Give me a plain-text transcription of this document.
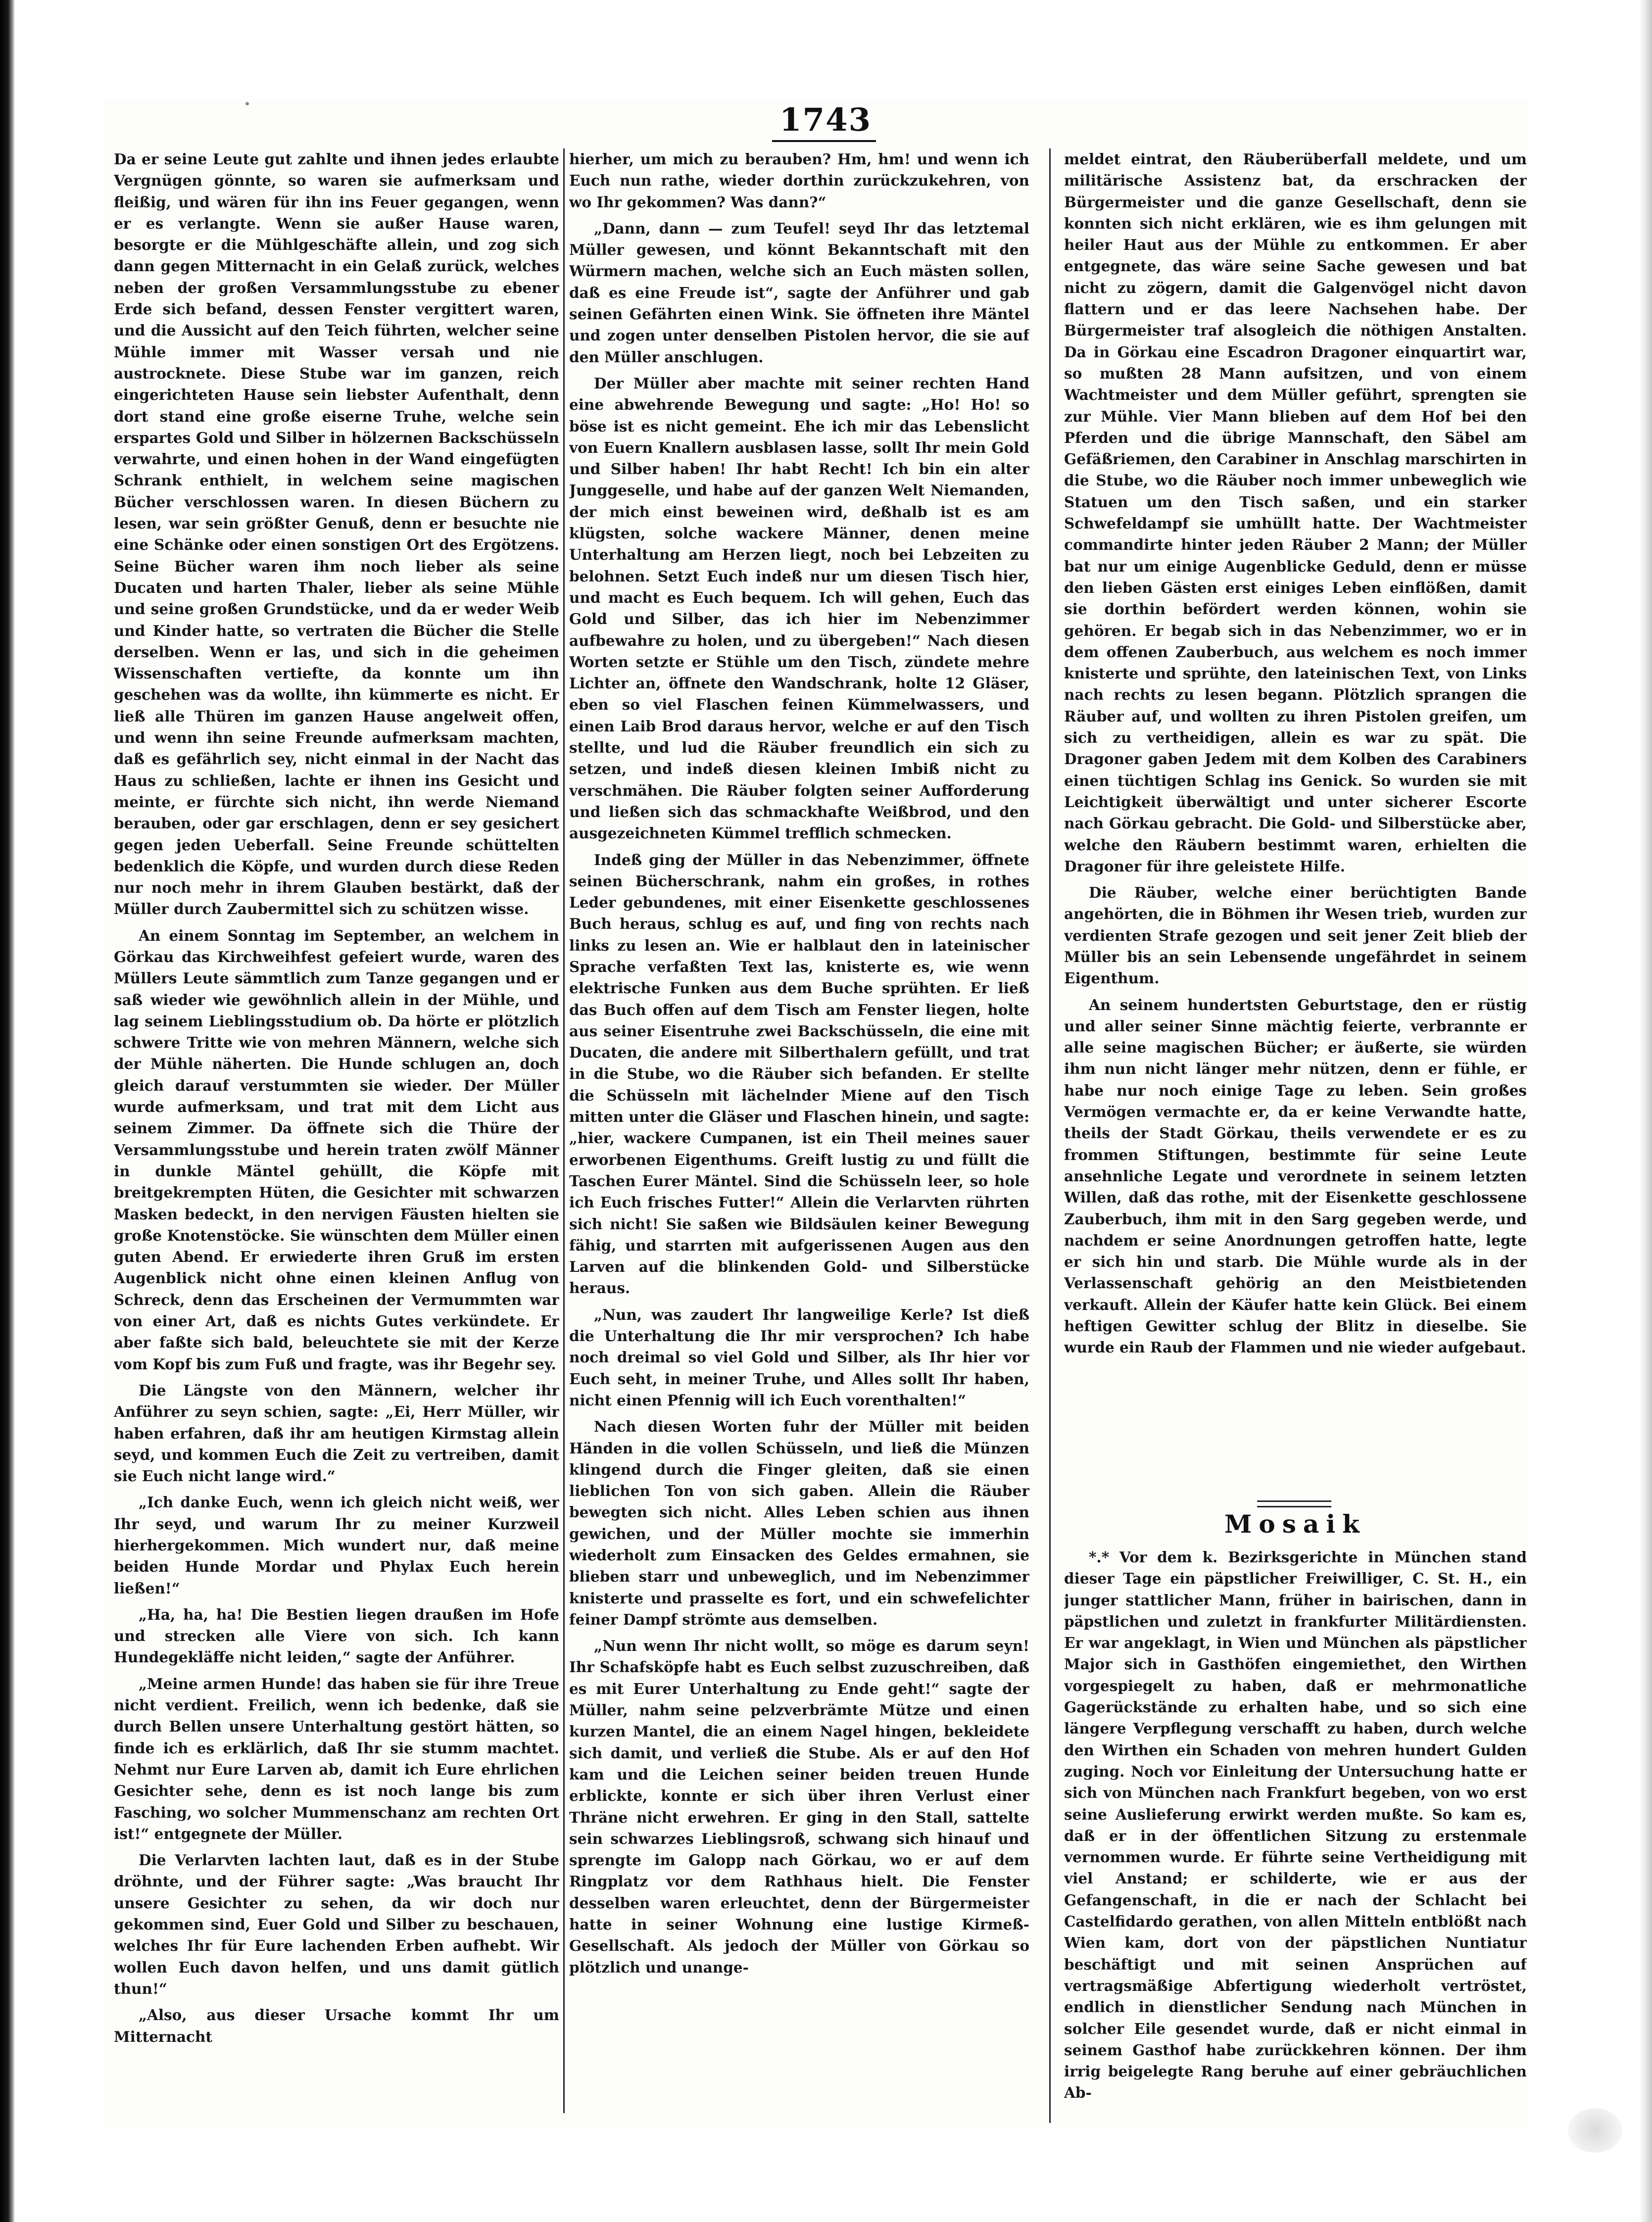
1743

Da er seine Leute gut zahlte und ihnen jedes erlaubte Vergnügen gönnte, so waren sie aufmerksam und fleißig, und wären für ihn ins Feuer gegangen, wenn er es verlangte. Wenn sie außer Hause waren, besorgte er die Mühlgeschäfte allein, und zog sich dann gegen Mitternacht in ein Gelaß zurück, welches neben der großen Versammlungsstube zu ebener Erde sich befand, dessen Fenster vergittert waren, und die Aussicht auf den Teich führten, welcher seine Mühle immer mit Wasser versah und nie austrocknete. Diese Stube war im ganzen, reich eingerichteten Hause sein liebster Aufenthalt, denn dort stand eine große eiserne Truhe, welche sein erspartes Gold und Silber in hölzernen Backschüsseln verwahrte, und einen hohen in der Wand eingefügten Schrank enthielt, in welchem seine magischen Bücher verschlossen waren. In diesen Büchern zu lesen, war sein größter Genuß, denn er besuchte nie eine Schänke oder einen sonstigen Ort des Ergötzens. Seine Bücher waren ihm noch lieber als seine Ducaten und harten Thaler, lieber als seine Mühle und seine großen Grundstücke, und da er weder Weib und Kinder hatte, so vertraten die Bücher die Stelle derselben. Wenn er las, und sich in die geheimen Wissenschaften vertiefte, da konnte um ihn geschehen was da wollte, ihn kümmerte es nicht. Er ließ alle Thüren im ganzen Hause angelweit offen, und wenn ihn seine Freunde aufmerksam machten, daß es gefährlich sey, nicht einmal in der Nacht das Haus zu schließen, lachte er ihnen ins Gesicht und meinte, er fürchte sich nicht, ihn werde Niemand berauben, oder gar erschlagen, denn er sey gesichert gegen jeden Ueberfall. Seine Freunde schüttelten bedenklich die Köpfe, und wurden durch diese Reden nur noch mehr in ihrem Glauben bestärkt, daß der Müller durch Zaubermittel sich zu schützen wisse.

An einem Sonntag im September, an welchem in Görkau das Kirchweihfest gefeiert wurde, waren des Müllers Leute sämmtlich zum Tanze gegangen und er saß wieder wie gewöhnlich allein in der Mühle, und lag seinem Lieblingsstudium ob. Da hörte er plötzlich schwere Tritte wie von mehren Männern, welche sich der Mühle näherten. Die Hunde schlugen an, doch gleich darauf verstummten sie wieder. Der Müller wurde aufmerksam, und trat mit dem Licht aus seinem Zimmer. Da öffnete sich die Thüre der Versammlungsstube und herein traten zwölf Männer in dunkle Mäntel gehüllt, die Köpfe mit breitgekrempten Hüten, die Gesichter mit schwarzen Masken bedeckt, in den nervigen Fäusten hielten sie große Knotenstöcke. Sie wünschten dem Müller einen guten Abend. Er erwiederte ihren Gruß im ersten Augenblick nicht ohne einen kleinen Anflug von Schreck, denn das Erscheinen der Vermummten war von einer Art, daß es nichts Gutes verkündete. Er aber faßte sich bald, beleuchtete sie mit der Kerze vom Kopf bis zum Fuß und fragte, was ihr Begehr sey.

Die Längste von den Männern, welcher ihr Anführer zu seyn schien, sagte: „Ei, Herr Müller, wir haben erfahren, daß ihr am heutigen Kirmstag allein seyd, und kommen Euch die Zeit zu vertreiben, damit sie Euch nicht lange wird.“

„Ich danke Euch, wenn ich gleich nicht weiß, wer Ihr seyd, und warum Ihr zu meiner Kurzweil hierhergekommen. Mich wundert nur, daß meine beiden Hunde Mordar und Phylax Euch herein ließen!“

„Ha, ha, ha! Die Bestien liegen draußen im Hofe und strecken alle Viere von sich. Ich kann Hundegekläffe nicht leiden,“ sagte der Anführer.

„Meine armen Hunde! das haben sie für ihre Treue nicht verdient. Freilich, wenn ich bedenke, daß sie durch Bellen unsere Unterhaltung gestört hätten, so finde ich es erklärlich, daß Ihr sie stumm machtet. Nehmt nur Eure Larven ab, damit ich Eure ehrlichen Gesichter sehe, denn es ist noch lange bis zum Fasching, wo solcher Mummenschanz am rechten Ort ist!“ entgegnete der Müller.

Die Verlarvten lachten laut, daß es in der Stube dröhnte, und der Führer sagte: „Was braucht Ihr unsere Gesichter zu sehen, da wir doch nur gekommen sind, Euer Gold und Silber zu beschauen, welches Ihr für Eure lachenden Erben aufhebt. Wir wollen Euch davon helfen, und uns damit gütlich thun!“

„Also, aus dieser Ursache kommt Ihr um Mitternacht

hierher, um mich zu berauben? Hm, hm! und wenn ich Euch nun rathe, wieder dorthin zurückzukehren, von wo Ihr gekommen? Was dann?“

„Dann, dann — zum Teufel! seyd Ihr das letztemal Müller gewesen, und könnt Bekanntschaft mit den Würmern machen, welche sich an Euch mästen sollen, daß es eine Freude ist“, sagte der Anführer und gab seinen Gefährten einen Wink. Sie öffneten ihre Mäntel und zogen unter denselben Pistolen hervor, die sie auf den Müller anschlugen.

Der Müller aber machte mit seiner rechten Hand eine abwehrende Bewegung und sagte: „Ho! Ho! so böse ist es nicht gemeint. Ehe ich mir das Lebenslicht von Euern Knallern ausblasen lasse, sollt Ihr mein Gold und Silber haben! Ihr habt Recht! Ich bin ein alter Junggeselle, und habe auf der ganzen Welt Niemanden, der mich einst beweinen wird, deßhalb ist es am klügsten, solche wackere Männer, denen meine Unterhaltung am Herzen liegt, noch bei Lebzeiten zu belohnen. Setzt Euch indeß nur um diesen Tisch hier, und macht es Euch bequem. Ich will gehen, Euch das Gold und Silber, das ich hier im Nebenzimmer aufbewahre zu holen, und zu übergeben!“ Nach diesen Worten setzte er Stühle um den Tisch, zündete mehre Lichter an, öffnete den Wandschrank, holte 12 Gläser, eben so viel Flaschen feinen Kümmelwassers, und einen Laib Brod daraus hervor, welche er auf den Tisch stellte, und lud die Räuber freundlich ein sich zu setzen, und indeß diesen kleinen Imbiß nicht zu verschmähen. Die Räuber folgten seiner Aufforderung und ließen sich das schmackhafte Weißbrod, und den ausgezeichneten Kümmel trefflich schmecken.

Indeß ging der Müller in das Nebenzimmer, öffnete seinen Bücherschrank, nahm ein großes, in rothes Leder gebundenes, mit einer Eisenkette geschlossenes Buch heraus, schlug es auf, und fing von rechts nach links zu lesen an. Wie er halblaut den in lateinischer Sprache verfaßten Text las, knisterte es, wie wenn elektrische Funken aus dem Buche sprühten. Er ließ das Buch offen auf dem Tisch am Fenster liegen, holte aus seiner Eisentruhe zwei Backschüsseln, die eine mit Ducaten, die andere mit Silberthalern gefüllt, und trat in die Stube, wo die Räuber sich befanden. Er stellte die Schüsseln mit lächelnder Miene auf den Tisch mitten unter die Gläser und Flaschen hinein, und sagte: „hier, wackere Cumpanen, ist ein Theil meines sauer erworbenen Eigenthums. Greift lustig zu und füllt die Taschen Eurer Mäntel. Sind die Schüsseln leer, so hole ich Euch frisches Futter!“ Allein die Verlarvten rührten sich nicht! Sie saßen wie Bildsäulen keiner Bewegung fähig, und starrten mit aufgerissenen Augen aus den Larven auf die blinkenden Gold- und Silberstücke heraus.

„Nun, was zaudert Ihr langweilige Kerle? Ist dieß die Unterhaltung die Ihr mir versprochen? Ich habe noch dreimal so viel Gold und Silber, als Ihr hier vor Euch seht, in meiner Truhe, und Alles sollt Ihr haben, nicht einen Pfennig will ich Euch vorenthalten!“

Nach diesen Worten fuhr der Müller mit beiden Händen in die vollen Schüsseln, und ließ die Münzen klingend durch die Finger gleiten, daß sie einen lieblichen Ton von sich gaben. Allein die Räuber bewegten sich nicht. Alles Leben schien aus ihnen gewichen, und der Müller mochte sie immerhin wiederholt zum Einsacken des Geldes ermahnen, sie blieben starr und unbeweglich, und im Nebenzimmer knisterte und prasselte es fort, und ein schwefelichter feiner Dampf strömte aus demselben.

„Nun wenn Ihr nicht wollt, so möge es darum seyn! Ihr Schafsköpfe habt es Euch selbst zuzuschreiben, daß es mit Eurer Unterhaltung zu Ende geht!“ sagte der Müller, nahm seine pelzverbrämte Mütze und einen kurzen Mantel, die an einem Nagel hingen, bekleidete sich damit, und verließ die Stube. Als er auf den Hof kam und die Leichen seiner beiden treuen Hunde erblickte, konnte er sich über ihren Verlust einer Thräne nicht erwehren. Er ging in den Stall, sattelte sein schwarzes Lieblingsroß, schwang sich hinauf und sprengte im Galopp nach Görkau, wo er auf dem Ringplatz vor dem Rathhaus hielt. Die Fenster desselben waren erleuchtet, denn der Bürgermeister hatte in seiner Wohnung eine lustige Kirmeß-Gesellschaft. Als jedoch der Müller von Görkau so plötzlich und unange-

meldet eintrat, den Räuberüberfall meldete, und um militärische Assistenz bat, da erschracken der Bürgermeister und die ganze Gesellschaft, denn sie konnten sich nicht erklären, wie es ihm gelungen mit heiler Haut aus der Mühle zu entkommen. Er aber entgegnete, das wäre seine Sache gewesen und bat nicht zu zögern, damit die Galgenvögel nicht davon flattern und er das leere Nachsehen habe. Der Bürgermeister traf alsogleich die nöthigen Anstalten. Da in Görkau eine Escadron Dragoner einquartirt war, so mußten 28 Mann aufsitzen, und von einem Wachtmeister und dem Müller geführt, sprengten sie zur Mühle. Vier Mann blieben auf dem Hof bei den Pferden und die übrige Mannschaft, den Säbel am Gefäßriemen, den Carabiner in Anschlag marschirten in die Stube, wo die Räuber noch immer unbeweglich wie Statuen um den Tisch saßen, und ein starker Schwefeldampf sie umhüllt hatte. Der Wachtmeister commandirte hinter jeden Räuber 2 Mann; der Müller bat nur um einige Augenblicke Geduld, denn er müsse den lieben Gästen erst einiges Leben einflößen, damit sie dorthin befördert werden können, wohin sie gehören. Er begab sich in das Nebenzimmer, wo er in dem offenen Zauberbuch, aus welchem es noch immer knisterte und sprühte, den lateinischen Text, von Links nach rechts zu lesen begann. Plötzlich sprangen die Räuber auf, und wollten zu ihren Pistolen greifen, um sich zu vertheidigen, allein es war zu spät. Die Dragoner gaben Jedem mit dem Kolben des Carabiners einen tüchtigen Schlag ins Genick. So wurden sie mit Leichtigkeit überwältigt und unter sicherer Escorte nach Görkau gebracht. Die Gold- und Silberstücke aber, welche den Räubern bestimmt waren, erhielten die Dragoner für ihre geleistete Hilfe.

Die Räuber, welche einer berüchtigten Bande angehörten, die in Böhmen ihr Wesen trieb, wurden zur verdienten Strafe gezogen und seit jener Zeit blieb der Müller bis an sein Lebensende ungefährdet in seinem Eigenthum.

An seinem hundertsten Geburtstage, den er rüstig und aller seiner Sinne mächtig feierte, verbrannte er alle seine magischen Bücher; er äußerte, sie würden ihm nun nicht länger mehr nützen, denn er fühle, er habe nur noch einige Tage zu leben. Sein großes Vermögen vermachte er, da er keine Verwandte hatte, theils der Stadt Görkau, theils verwendete er es zu frommen Stiftungen, bestimmte für seine Leute ansehnliche Legate und verordnete in seinem letzten Willen, daß das rothe, mit der Eisenkette geschlossene Zauberbuch, ihm mit in den Sarg gegeben werde, und nachdem er seine Anordnungen getroffen hatte, legte er sich hin und starb. Die Mühle wurde als in der Verlassenschaft gehörig an den Meistbietenden verkauft. Allein der Käufer hatte kein Glück. Bei einem heftigen Gewitter schlug der Blitz in dieselbe. Sie wurde ein Raub der Flammen und nie wieder aufgebaut.

Mosaik

*.* Vor dem k. Bezirksgerichte in München stand dieser Tage ein päpstlicher Freiwilliger, C. St. H., ein junger stattlicher Mann, früher in bairischen, dann in päpstlichen und zuletzt in frankfurter Militärdiensten. Er war angeklagt, in Wien und München als päpstlicher Major sich in Gasthöfen eingemiethet, den Wirthen vorgespiegelt zu haben, daß er mehrmonatliche Gagerückstände zu erhalten habe, und so sich eine längere Verpflegung verschafft zu haben, durch welche den Wirthen ein Schaden von mehren hundert Gulden zuging. Noch vor Einleitung der Untersuchung hatte er sich von München nach Frankfurt begeben, von wo erst seine Auslieferung erwirkt werden mußte. So kam es, daß er in der öffentlichen Sitzung zu erstenmale vernommen wurde. Er führte seine Vertheidigung mit viel Anstand; er schilderte, wie er aus der Gefangenschaft, in die er nach der Schlacht bei Castelfidardo gerathen, von allen Mitteln entblößt nach Wien kam, dort von der päpstlichen Nuntiatur beschäftigt und mit seinen Ansprüchen auf vertragsmäßige Abfertigung wiederholt vertröstet, endlich in dienstlicher Sendung nach München in solcher Eile gesendet wurde, daß er nicht einmal in seinem Gasthof habe zurückkehren können. Der ihm irrig beigelegte Rang beruhe auf einer gebräuchlichen Ab-
